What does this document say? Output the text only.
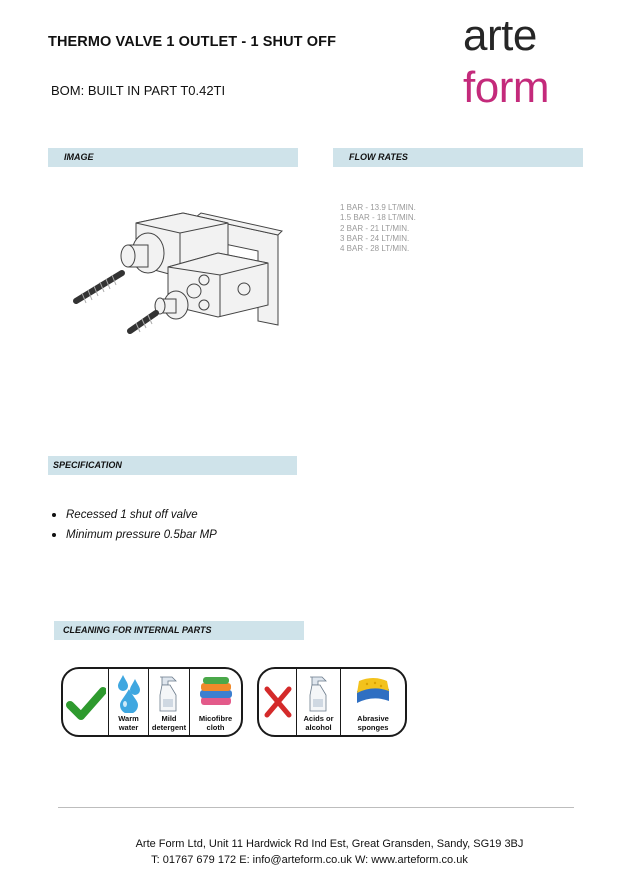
THERMO VALVE 1 OUTLET - 1 SHUT OFF
BOM: BUILT IN PART T0.42TI
arte
form
IMAGE	FLOW RATES
1 BAR - 13.9 LT/MIN.
1.5 BAR - 18 LT/MIN.
2 BAR - 21 LT/MIN.
3 BAR - 24 LT/MIN.
4 BAR - 28 LT/MIN.
SPECIFICATION
Recessed 1 shut off valve
Minimum pressure 0.5bar MP
CLEANING FOR INTERNAL PARTS
Warm water
Mild detergent
Micofibre cloth
Acids or alcohol
Abrasive sponges
Arte Form Ltd, Unit 11 Hardwick Rd Ind Est, Great Gransden, Sandy, SG19 3BJ
T: 01767 679 172 E: info@arteform.co.uk W: www.arteform.co.uk
